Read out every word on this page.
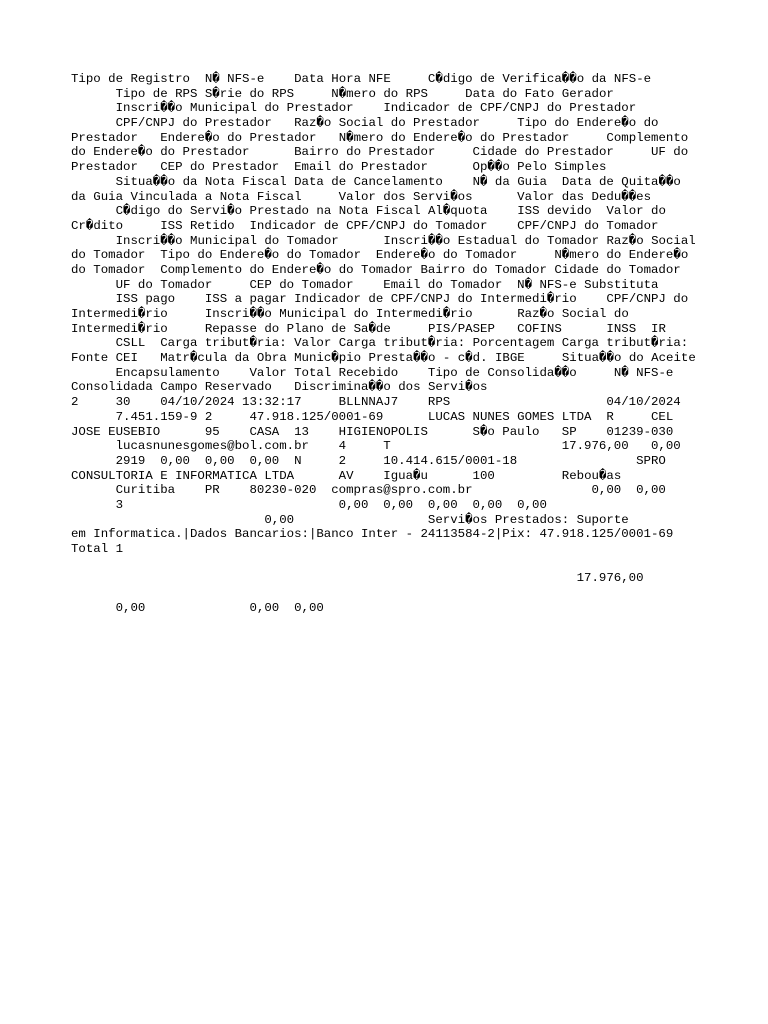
Tipo de Registro  N� NFS-e    Data Hora NFE     C�digo de Verifica��o da NFS-e
Tipo de RPS S�rie do RPS     N�mero do RPS     Data do Fato Gerador
Inscri��o Municipal do Prestador    Indicador de CPF/CNPJ do Prestador
CPF/CNPJ do Prestador   Raz�o Social do Prestador     Tipo do Endere�o do
Prestador   Endere�o do Prestador   N�mero do Endere�o do Prestador     Complemento
do Endere�o do Prestador      Bairro do Prestador     Cidade do Prestador     UF do
Prestador   CEP do Prestador  Email do Prestador      Op��o Pelo Simples
Situa��o da Nota Fiscal Data de Cancelamento    N� da Guia  Data de Quita��o
da Guia Vinculada a Nota Fiscal     Valor dos Servi�os      Valor das Dedu��es
C�digo do Servi�o Prestado na Nota Fiscal Al�quota    ISS devido  Valor do
Cr�dito     ISS Retido  Indicador de CPF/CNPJ do Tomador    CPF/CNPJ do Tomador
Inscri��o Municipal do Tomador      Inscri��o Estadual do Tomador Raz�o Social
do Tomador  Tipo do Endere�o do Tomador  Endere�o do Tomador     N�mero do Endere�o
do Tomador  Complemento do Endere�o do Tomador Bairro do Tomador Cidade do Tomador
UF do Tomador     CEP do Tomador    Email do Tomador  N� NFS-e Substituta
ISS pago    ISS a pagar Indicador de CPF/CNPJ do Intermedi�rio    CPF/CNPJ do
Intermedi�rio     Inscri��o Municipal do Intermedi�rio      Raz�o Social do
Intermedi�rio     Repasse do Plano de Sa�de     PIS/PASEP   COFINS      INSS  IR
CSLL  Carga tribut�ria: Valor Carga tribut�ria: Porcentagem Carga tribut�ria:
Fonte CEI   Matr�cula da Obra Munic�pio Presta��o - c�d. IBGE     Situa��o do Aceite
Encapsulamento    Valor Total Recebido    Tipo de Consolida��o     N� NFS-e
Consolidada Campo Reservado   Discrimina��o dos Servi�os
2     30    04/10/2024 13:32:17     BLLNNAJ7    RPS                     04/10/2024
7.451.159-9 2     47.918.125/0001-69      LUCAS NUNES GOMES LTDA  R     CEL
JOSE EUSEBIO      95    CASA  13    HIGIENOPOLIS      S�o Paulo   SP    01239-030
lucasnunesgomes@bol.com.br    4     T                       17.976,00   0,00
2919  0,00  0,00  0,00  N     2     10.414.615/0001-18                SPRO
CONSULTORIA E INFORMATICA LTDA      AV    Igua�u      100         Rebou�as
Curitiba    PR    80230-020  compras@spro.com.br                0,00  0,00
3                             0,00  0,00  0,00  0,00  0,00
0,00                  Servi�os Prestados: Suporte
em Informatica.|Dados Bancarios:|Banco Inter - 24113584-2|Pix: 47.918.125/0001-69
Total 1
17.976,00
0,00              0,00  0,00
